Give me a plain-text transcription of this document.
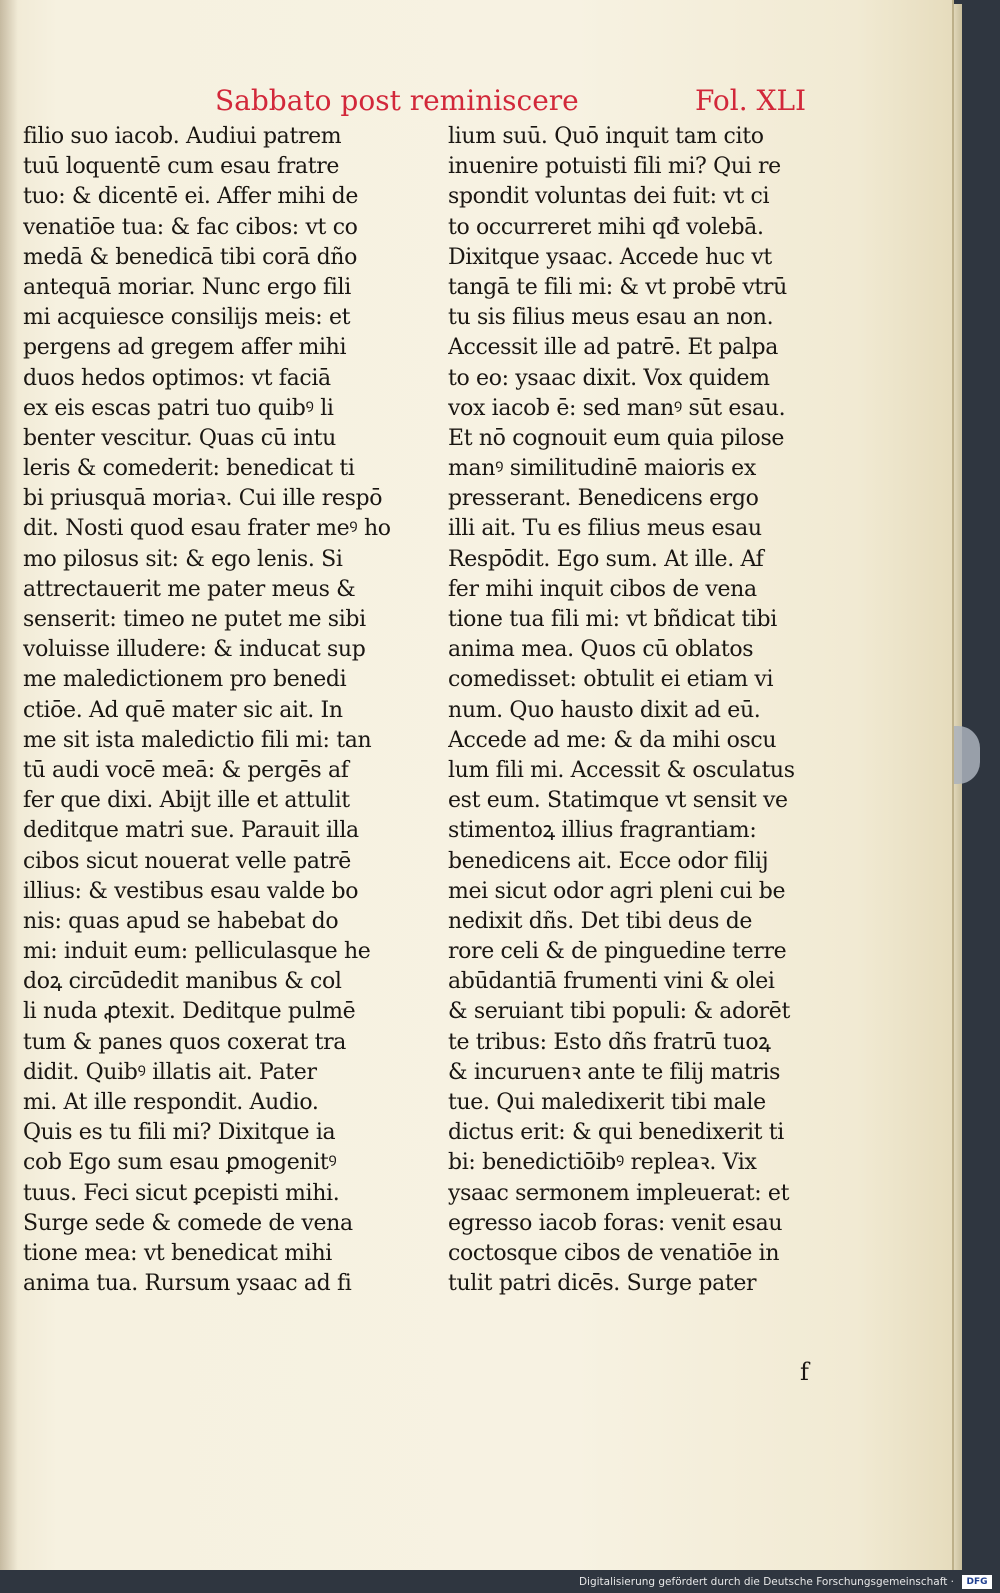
Sabbato post reminiscere	Fol. XLI
filio suo iacob. Audiui patrem
tuū loquentē cum esau fratre
tuo: & dicentē ei. Affer mihi de
venatiōe tua: & fac cibos: vt co
medā & benedicā tibi corā dño
antequā moriar. Nunc ergo fili
mi acquiesce consilijs meis: et
pergens ad gregem affer mihi
duos hedos optimos: vt faciā
ex eis escas patri tuo quibꝰ li
benter vescitur. Quas cū intu
leris & comederit: benedicat ti
bi priusquā moriaꝛ. Cui ille respō
dit. Nosti quod esau frater meꝰ ho
mo pilosus sit: & ego lenis. Si
attrectauerit me pater meus &
senserit: timeo ne putet me sibi
voluisse illudere: & inducat sup
me maledictionem pro benedi
ctiōe. Ad quē mater sic ait. In
me sit ista maledictio fili mi: tan
tū audi vocē meā: & pergēs af
fer que dixi. Abijt ille et attulit
deditque matri sue. Parauit illa
cibos sicut nouerat velle patrē
illius: & vestibus esau valde bo
nis: quas apud se habebat do
mi: induit eum: pelliculasque he
doꝝ circūdedit manibus & col
li nuda ꝓtexit. Deditque pulmē
tum & panes quos coxerat tra
didit. Quibꝰ illatis ait. Pater
mi. At ille respondit. Audio.
Quis es tu fili mi? Dixitque ia
cob Ego sum esau ꝑmogenitꝰ
tuus. Feci sicut ꝑcepisti mihi.
Surge sede & comede de vena
tione mea: vt benedicat mihi
anima tua. Rursum ysaac ad fi
lium suū. Quō inquit tam cito
inuenire potuisti fili mi? Qui re
spondit voluntas dei fuit: vt ci
to occurreret mihi qđ volebā.
Dixitque ysaac. Accede huc vt
tangā te fili mi: & vt probē vtrū
tu sis filius meus esau an non.
Accessit ille ad patrē. Et palpa
to eo: ysaac dixit. Vox quidem
vox iacob ē: sed manꝰ sūt esau.
Et nō cognouit eum quia pilose
manꝰ similitudinē maioris ex
presserant. Benedicens ergo
illi ait. Tu es filius meus esau
Respōdit. Ego sum. At ille. Af
fer mihi inquit cibos de vena
tione tua fili mi: vt bñdicat tibi
anima mea. Quos cū oblatos
comedisset: obtulit ei etiam vi
num. Quo hausto dixit ad eū.
Accede ad me: & da mihi oscu
lum fili mi. Accessit & osculatus
est eum. Statimque vt sensit ve
stimentoꝝ illius fragrantiam:
benedicens ait. Ecce odor filij
mei sicut odor agri pleni cui be
nedixit dñs. Det tibi deus de
rore celi & de pinguedine terre
abūdantiā frumenti vini & olei
& seruiant tibi populi: & adorēt
te tribus: Esto dñs fratrū tuoꝝ
& incuruenꝛ ante te filij matris
tue. Qui maledixerit tibi male
dictus erit: & qui benedixerit ti
bi: benedictiōibꝰ repleaꝛ. Vix
ysaac sermonem impleuerat: et
egresso iacob foras: venit esau
coctosque cibos de venatiōe in
tulit patri dicēs. Surge pater
f
Digitalisierung gefördert durch die Deutsche Forschungsgemeinschaft ·	DFG
